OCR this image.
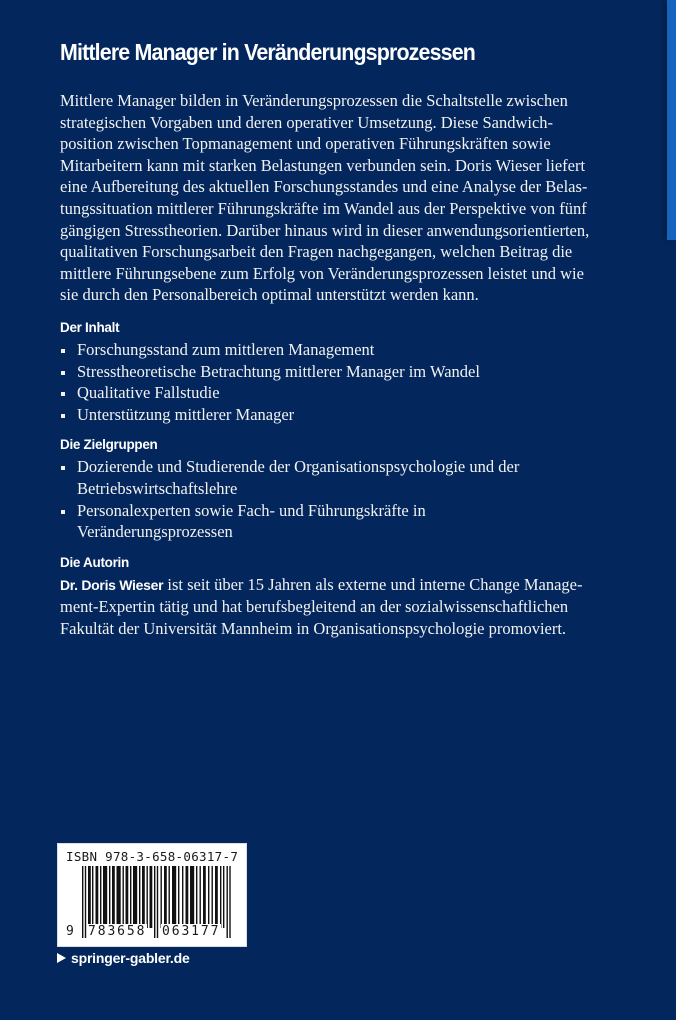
Mittlere Manager in Veränderungsprozessen

Mittlere Manager bilden in Veränderungsprozessen die Schaltstelle zwischen
strategischen Vorgaben und deren operativer Umsetzung. Diese Sandwich-
position zwischen Topmanagement und operativen Führungskräften sowie
Mitarbeitern kann mit starken Belastungen verbunden sein. Doris Wieser liefert
eine Aufbereitung des aktuellen Forschungsstandes und eine Analyse der Belas-
tungssituation mittlerer Führungskräfte im Wandel aus der Perspektive von fünf
gängigen Stresstheorien. Darüber hinaus wird in dieser anwendungsorientierten,
qualitativen Forschungsarbeit den Fragen nachgegangen, welchen Beitrag die
mittlere Führungsebene zum Erfolg von Veränderungsprozessen leistet und wie
sie durch den Personalbereich optimal unterstützt werden kann.

Der Inhalt
Forschungsstand zum mittleren Management
Stresstheoretische Betrachtung mittlerer Manager im Wandel
Qualitative Fallstudie
Unterstützung mittlerer Manager
Die Zielgruppen
Dozierende und Studierende der Organisationspsychologie und der
Betriebswirtschaftslehre
Personalexperten sowie Fach- und Führungskräfte in
Veränderungsprozessen
Die Autorin

Dr. Doris Wieser ist seit über 15 Jahren als externe und interne Change Manage-
ment-Expertin tätig und hat berufsbegleitend an der sozialwissenschaftlichen
Fakultät der Universität Mannheim in Organisationspsychologie promoviert.

ISBN 978-3-658-06317-7
9 783658 063177
springer-gabler.de
